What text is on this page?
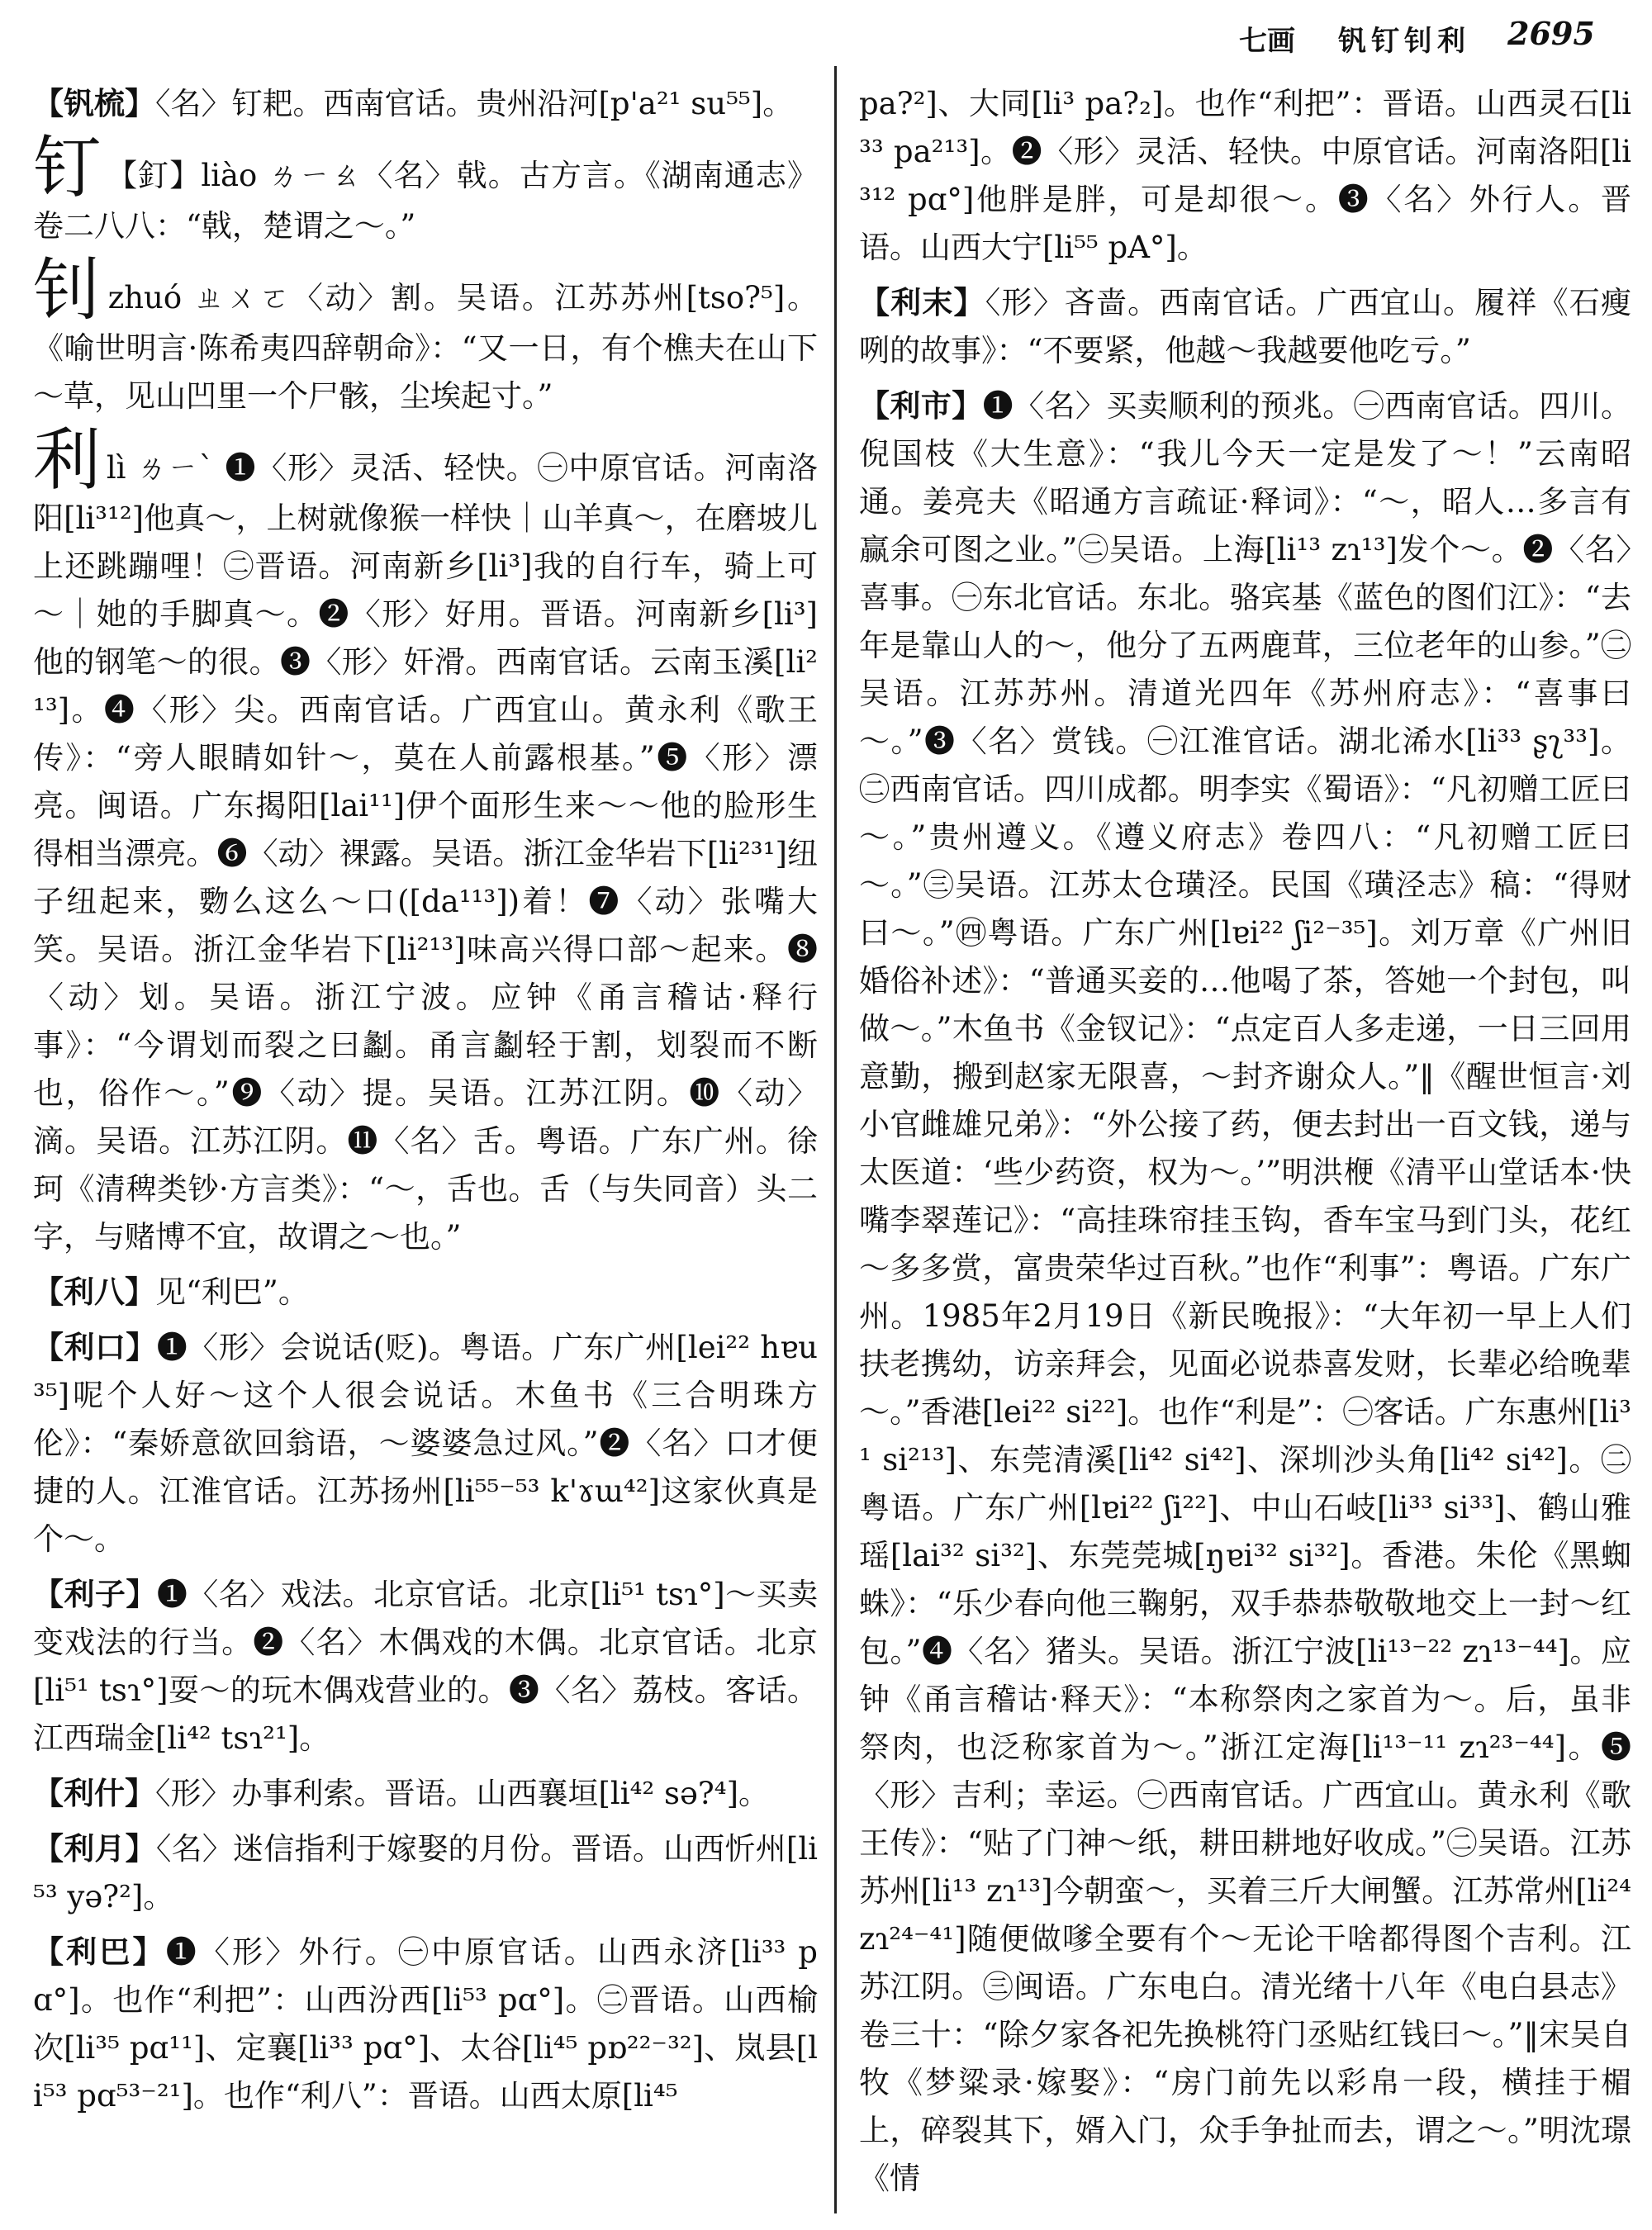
七画 钒钉钊利 2695

【钒梳】〈名〉钉耙。西南官话。贵州沿河[p'a²¹ su⁵⁵]。

钉 【釘】liào ㄌㄧㄠ〈名〉戟。古方言。《湖南通志》卷二八八：“戟，楚谓之～。”

钊zhuó ㄓㄨㄛ〈动〉割。吴语。江苏苏州[tso?⁵]。《喻世明言·陈希夷四辞朝命》：“又一日，有个樵夫在山下～草，见山凹里一个尸骸，尘埃起寸。”

利lì ㄌㄧˋ ❶〈形〉灵活、轻快。㊀中原官话。河南洛阳[li³¹²]他真～，上树就像猴一样快｜山羊真～，在磨坡儿上还跳蹦哩！㊁晋语。河南新乡[li³]我的自行车，骑上可～｜她的手脚真～。❷〈形〉好用。晋语。河南新乡[li³]他的钢笔～的很。❸〈形〉奸滑。西南官话。云南玉溪[li²¹³]。❹〈形〉尖。西南官话。广西宜山。黄永利《歌王传》：“旁人眼睛如针～，莫在人前露根基。”❺〈形〉漂亮。闽语。广东揭阳[lai¹¹]伊个面形生来～～他的脸形生得相当漂亮。❻〈动〉裸露。吴语。浙江金华岩下[li²³¹]纽子纽起来，覅么这么～口([da¹¹³])着！❼〈动〉张嘴大笑。吴语。浙江金华岩下[li²¹³]味高兴得口部～起来。❽〈动〉划。吴语。浙江宁波。应钟《甬言稽诂·释行事》：“今谓划而裂之曰劙。甬言劙轻于割，划裂而不断也，俗作～。”❾〈动〉提。吴语。江苏江阴。❿〈动〉滴。吴语。江苏江阴。⓫〈名〉舌。粤语。广东广州。徐珂《清稗类钞·方言类》：“～，舌也。舌（与失同音）头二字，与赌博不宜，故谓之～也。”

【利八】见“利巴”。

【利口】❶〈形〉会说话(贬)。粤语。广东广州[lei²² hɐu³⁵]呢个人好～这个人很会说话。木鱼书《三合明珠方伦》：“秦娇意欲回翁语，～婆婆急过风。”❷〈名〉口才便捷的人。江淮官话。江苏扬州[li⁵⁵⁻⁵³ k'ɤɯ⁴²]这家伙真是个～。

【利子】❶〈名〉戏法。北京官话。北京[li⁵¹ tsɿ°]～买卖变戏法的行当。❷〈名〉木偶戏的木偶。北京官话。北京[li⁵¹ tsɿ°]耍～的玩木偶戏营业的。❸〈名〉荔枝。客话。江西瑞金[li⁴² tsɿ²¹]。

【利什】〈形〉办事利索。晋语。山西襄垣[li⁴² sə?⁴]。

【利月】〈名〉迷信指利于嫁娶的月份。晋语。山西忻州[li⁵³ yə?²]。

【利巴】❶〈形〉外行。㊀中原官话。山西永济[li³³ pɑ°]。也作“利把”：山西汾西[li⁵³ pɑ°]。㊁晋语。山西榆次[li³⁵ pɑ¹¹]、定襄[li³³ pɑ°]、太谷[li⁴⁵ pɒ²²⁻³²]、岚县[li⁵³ pɑ⁵³⁻²¹]。也作“利八”：晋语。山西太原[li⁴⁵

pa?²]、大同[li³ pa?₂]。也作“利把”：晋语。山西灵石[li³³ pa²¹³]。❷〈形〉灵活、轻快。中原官话。河南洛阳[li³¹² pɑ°]他胖是胖，可是却很～。❸〈名〉外行人。晋语。山西大宁[li⁵⁵ pA°]。

【利末】〈形〉吝啬。西南官话。广西宜山。履祥《石瘦咧的故事》：“不要紧，他越～我越要他吃亏。”

【利市】❶〈名〉买卖顺利的预兆。㊀西南官话。四川。倪国枝《大生意》：“我儿今天一定是发了～！”云南昭通。姜亮夫《昭通方言疏证·释词》：“～，昭人…多言有赢余可图之业。”㊁吴语。上海[li¹³ zɿ¹³]发个～。❷〈名〉喜事。㊀东北官话。东北。骆宾基《蓝色的图们江》：“去年是靠山人的～，他分了五两鹿茸，三位老年的山参。”㊁吴语。江苏苏州。清道光四年《苏州府志》：“喜事曰～。”❸〈名〉赏钱。㊀江淮官话。湖北浠水[li³³ ʂʅ³³]。㊁西南官话。四川成都。明李实《蜀语》：“凡初赠工匠曰～。”贵州遵义。《遵义府志》卷四八：“凡初赠工匠曰～。”㊂吴语。江苏太仓璜泾。民国《璜泾志》稿：“得财曰～。”㊃粤语。广东广州[lɐi²² ʃi²⁻³⁵]。刘万章《广州旧婚俗补述》：“普通买妾的…他喝了茶，答她一个封包，叫做～。”木鱼书《金钗记》：“点定百人多走递，一日三回用意勤，搬到赵家无限喜，～封齐谢众人。”‖《醒世恒言·刘小官雌雄兄弟》：“外公接了药，便去封出一百文钱，递与太医道：‘些少药资，权为～。’”明洪楩《清平山堂话本·快嘴李翠莲记》：“高挂珠帘挂玉钩，香车宝马到门头，花红～多多赏，富贵荣华过百秋。”也作“利事”：粤语。广东广州。1985年2月19日《新民晚报》：“大年初一早上人们扶老携幼，访亲拜会，见面必说恭喜发财，长辈必给晚辈～。”香港[lei²² si²²]。也作“利是”：㊀客话。广东惠州[li³¹ si²¹³]、东莞清溪[li⁴² si⁴²]、深圳沙头角[li⁴² si⁴²]。㊁粤语。广东广州[lɐi²² ʃi²²]、中山石岐[li³³ si³³]、鹤山雅瑶[lai³² si³²]、东莞莞城[ŋɐi³² si³²]。香港。朱伦《黑蜘蛛》：“乐少春向他三鞠躬，双手恭恭敬敬地交上一封～红包。”❹〈名〉猪头。吴语。浙江宁波[li¹³⁻²² zɿ¹³⁻⁴⁴]。应钟《甬言稽诂·释天》：“本称祭肉之家首为～。后，虽非祭肉，也泛称家首为～。”浙江定海[li¹³⁻¹¹ zɿ²³⁻⁴⁴]。❺〈形〉吉利；幸运。㊀西南官话。广西宜山。黄永利《歌王传》：“贴了门神～纸，耕田耕地好收成。”㊁吴语。江苏苏州[li¹³ zɿ¹³]今朝蛮～，买着三斤大闸蟹。江苏常州[li²⁴ zɿ²⁴⁻⁴¹]随便做嗲全要有个～无论干啥都得图个吉利。江苏江阴。㊂闽语。广东电白。清光绪十八年《电白县志》卷三十：“除夕家各祀先换桃符门丞贴红钱曰～。”‖宋吴自牧《梦粱录·嫁娶》：“房门前先以彩帛一段，横挂于楣上，碎裂其下，婿入门，众手争扯而去，谓之～。”明沈璟《情
